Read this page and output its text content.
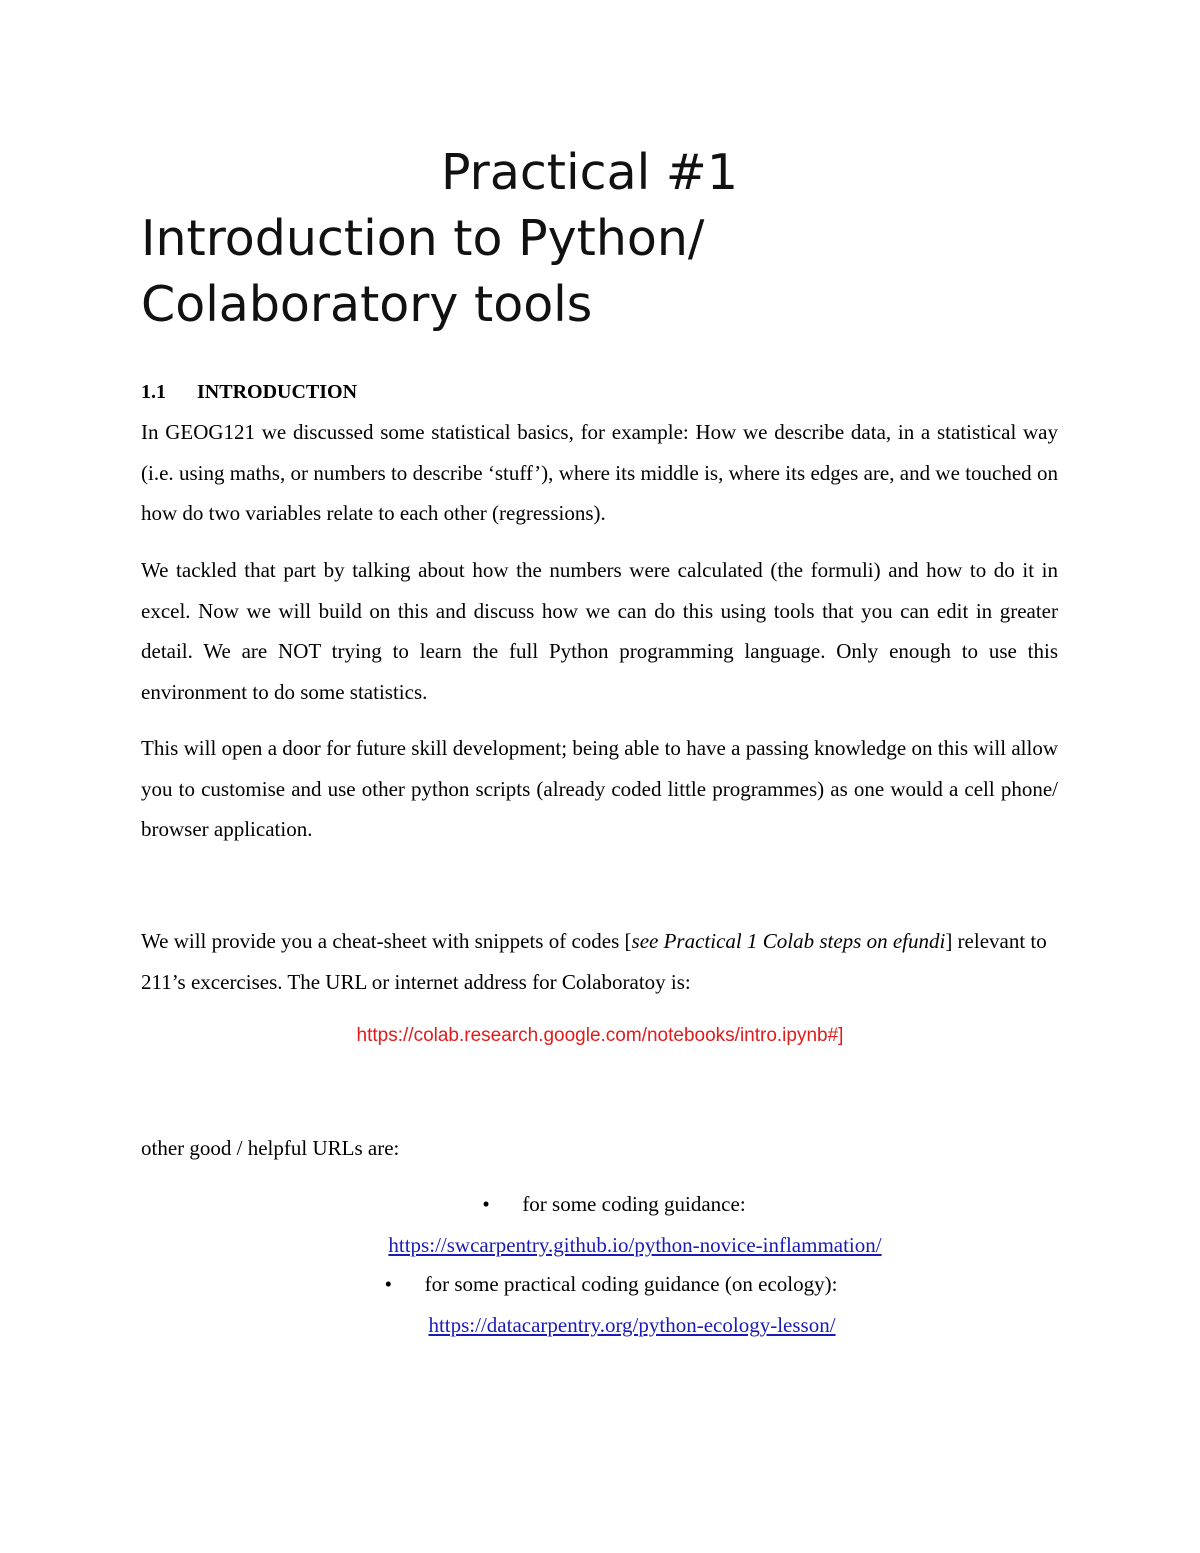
Practical #1
Introduction to Python/
Colaboratory tools
1.1 INTRODUCTION

In GEOG121 we discussed some statistical basics, for example: How we describe data, in a statistical way (i.e. using maths, or numbers to describe ‘stuff’), where its middle is, where its edges are, and we touched on how do two variables relate to each other (regressions).

We tackled that part by talking about how the numbers were calculated (the formuli) and how to do it in excel. Now we will build on this and discuss how we can do this using tools that you can edit in greater detail. We are NOT trying to learn the full Python programming language. Only enough to use this environment to do some statistics.

This will open a door for future skill development; being able to have a passing knowledge on this will allow you to customise and use other python scripts (already coded little programmes) as one would a cell phone/ browser application.

We will provide you a cheat-sheet with snippets of codes [see Practical 1 Colab steps on efundi] relevant to 211’s excercises. The URL or internet address for Colaboratoy is:

https://colab.research.google.com/notebooks/intro.ipynb#]

other good / helpful URLs are:

• for some coding guidance:
https://swcarpentry.github.io/python-novice-inflammation/
• for some practical coding guidance (on ecology):
https://datacarpentry.org/python-ecology-lesson/
